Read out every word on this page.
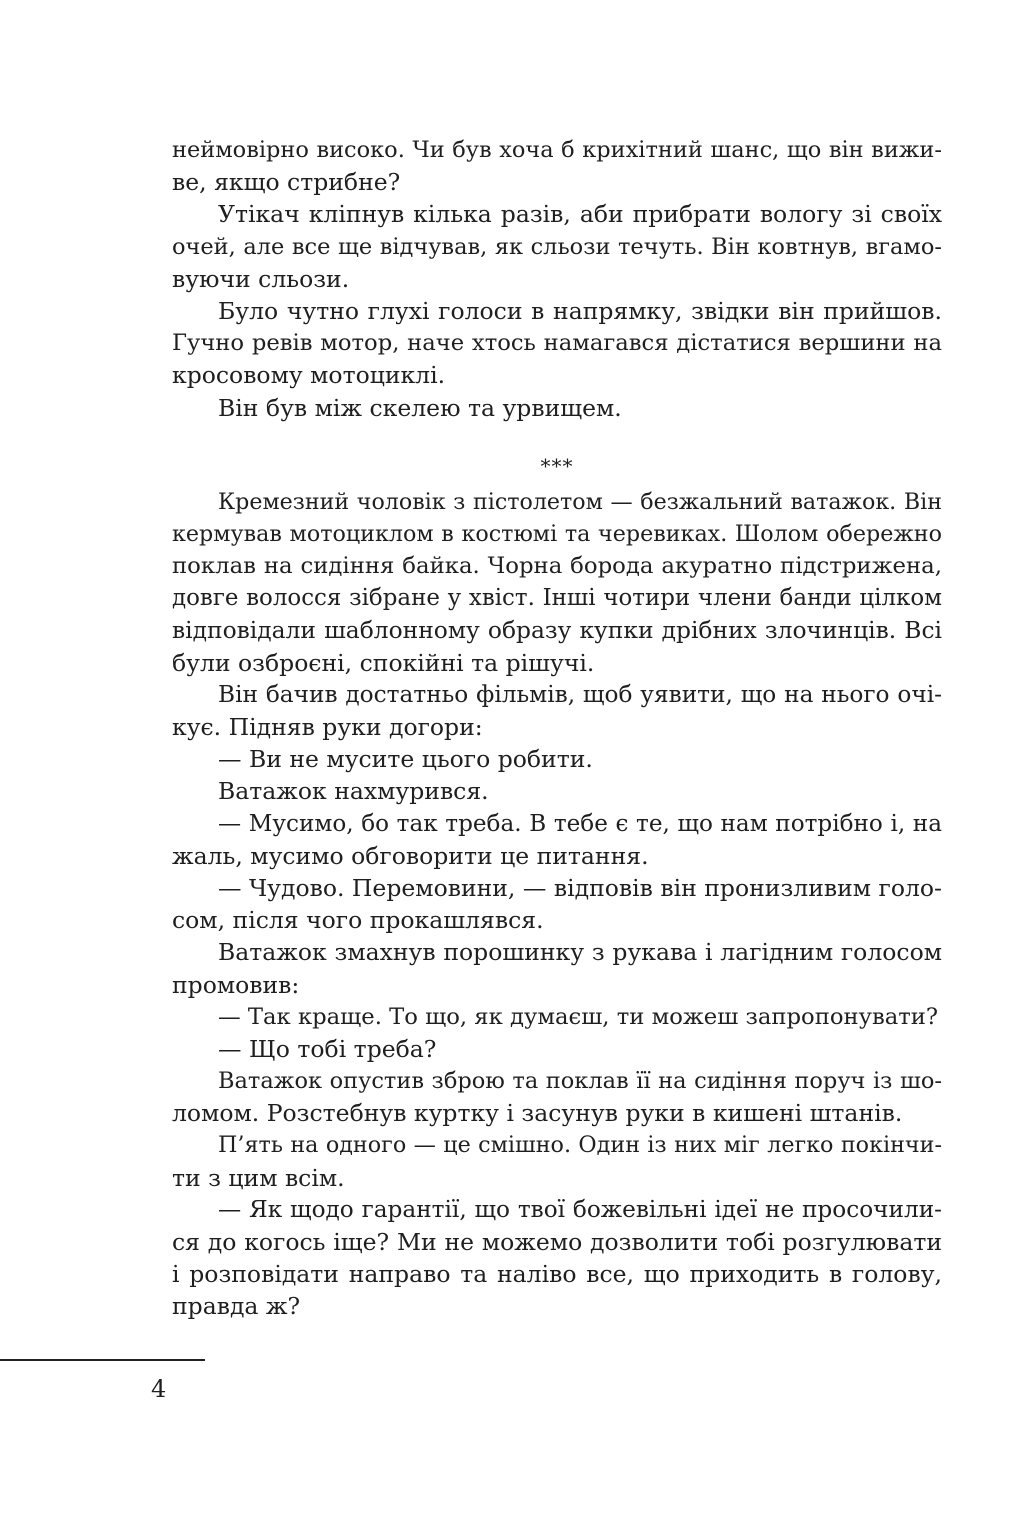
неймовірно високо. Чи був хоча б крихітний шанс, що він вижи-
ве, якщо стрибне?
Утікач кліпнув кілька разів, аби прибрати вологу зі своїх
очей, але все ще відчував, як сльози течуть. Він ковтнув, вгамо-
вуючи сльози.
Було чутно глухі голоси в напрямку, звідки він прийшов.
Гучно ревів мотор, наче хтось намагався дістатися вершини на
кросовому мотоциклі.
Він був між скелею та урвищем.
***
Кремезний чоловік з пістолетом — безжальний ватажок. Він
кермував мотоциклом в костюмі та черевиках. Шолом обережно
поклав на сидіння байка. Чорна борода акуратно підстрижена,
довге волосся зібране у хвіст. Інші чотири члени банди цілком
відповідали шаблонному образу купки дрібних злочинців. Всі
були озброєні, спокійні та рішучі.
Він бачив достатньо фільмів, щоб уявити, що на нього очі-
кує. Підняв руки догори:
— Ви не мусите цього робити.
Ватажок нахмурився.
— Мусимо, бо так треба. В тебе є те, що нам потрібно і, на
жаль, мусимо обговорити це питання.
— Чудово. Перемовини, — відповів він пронизливим голо-
сом, після чого прокашлявся.
Ватажок змахнув порошинку з рукава і лагідним голосом
промовив:
— Так краще. То що, як думаєш, ти можеш запропонувати?
— Що тобі треба?
Ватажок опустив зброю та поклав її на сидіння поруч із шо-
ломом. Розстебнув куртку і засунув руки в кишені штанів.
П’ять на одного — це смішно. Один із них міг легко покінчи-
ти з цим всім.
— Як щодо гарантії, що твої божевільні ідеї не просочили-
ся до когось іще? Ми не можемо дозволити тобі розгулювати
і розповідати направо та наліво все, що приходить в голову,
правда ж?
4
